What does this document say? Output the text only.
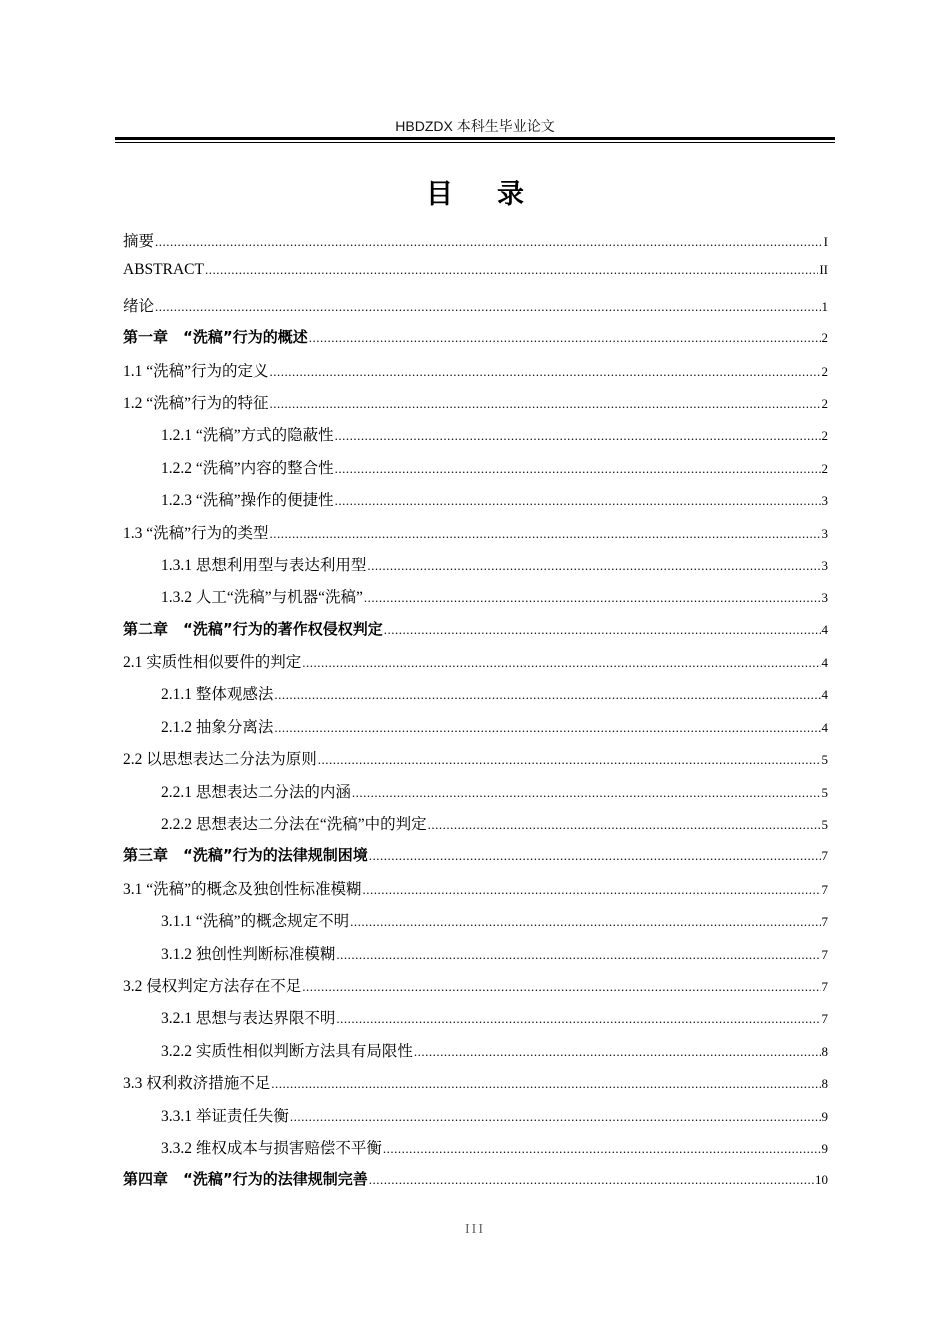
HBDZDX 本科生毕业论文
目录
摘要 .....	I
ABSTRACT .....	II
绪论 .....	1
第一章　“洗稿”行为的概述 .....	2
1.1 “洗稿”行为的定义 .....	2
1.2 “洗稿”行为的特征 .....	2
1.2.1 “洗稿”方式的隐蔽性 .....	2
1.2.2 “洗稿”内容的整合性 .....	2
1.2.3 “洗稿”操作的便捷性 .....	3
1.3 “洗稿”行为的类型 .....	3
1.3.1 思想利用型与表达利用型 .....	3
1.3.2 人工“洗稿”与机器“洗稿” .....	3
第二章　“洗稿”行为的著作权侵权判定 .....	4
2.1 实质性相似要件的判定 .....	4
2.1.1 整体观感法 .....	4
2.1.2 抽象分离法 .....	4
2.2 以思想表达二分法为原则 .....	5
2.2.1 思想表达二分法的内涵 .....	5
2.2.2 思想表达二分法在“洗稿”中的判定 .....	5
第三章　“洗稿”行为的法律规制困境 .....	7
3.1 “洗稿”的概念及独创性标准模糊 .....	7
3.1.1 “洗稿”的概念规定不明 .....	7
3.1.2 独创性判断标准模糊 .....	7
3.2 侵权判定方法存在不足 .....	7
3.2.1 思想与表达界限不明 .....	7
3.2.2 实质性相似判断方法具有局限性 .....	8
3.3 权利救济措施不足 .....	8
3.3.1 举证责任失衡 .....	9
3.3.2 维权成本与损害赔偿不平衡 .....	9
第四章　“洗稿”行为的法律规制完善 .....	10
III
